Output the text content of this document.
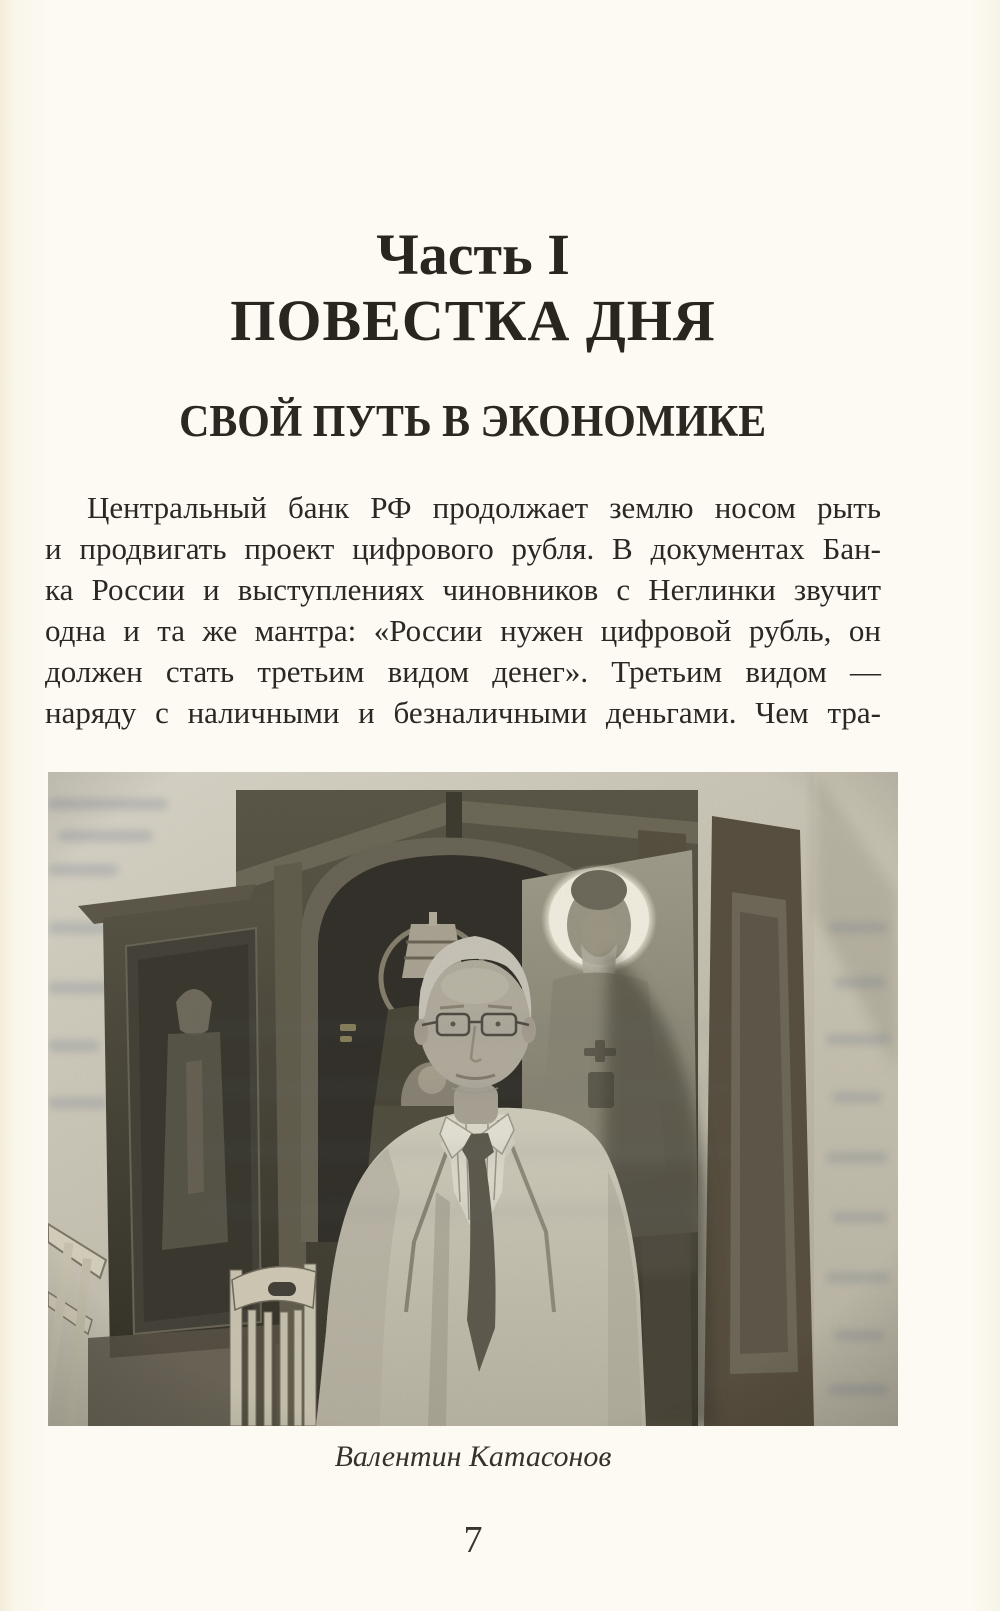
Часть I
ПОВЕСТКА ДНЯ
СВОЙ ПУТЬ В ЭКОНОМИКЕ
Центральный банк РФ продолжает землю носом рыть
и продвигать проект цифрового рубля. В документах Бан-
ка России и выступлениях чиновников с Неглинки звучит
одна и та же мантра: «России нужен цифровой рубль, он
должен стать третьим видом денег». Третьим видом —
наряду с наличными и безналичными деньгами. Чем тра-
Валентин Катасонов
7
